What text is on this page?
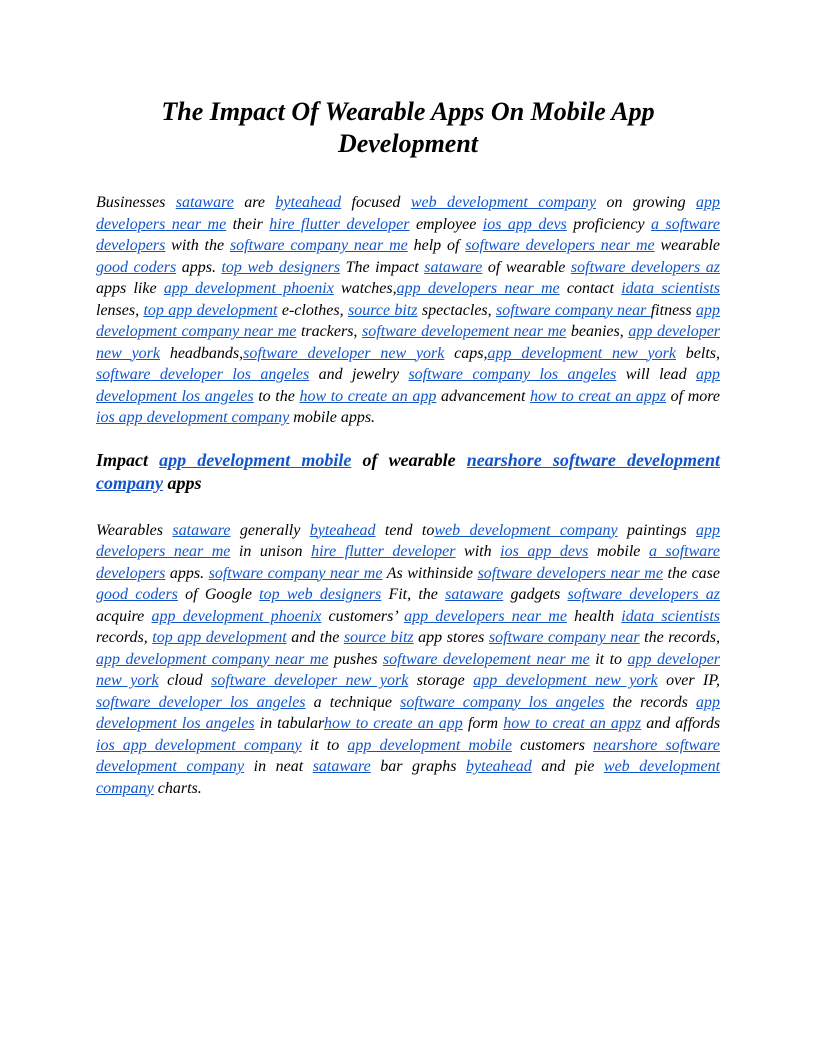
The Impact Of Wearable Apps On Mobile App Development

Businesses sataware are byteahead focused web development company on growing app developers near me their hire flutter developer employee ios app devs proficiency a software developers with the software company near me help of software developers near me wearable good coders apps. top web designers The impact sataware of wearable software developers az apps like app development phoenix watches,app developers near me contact idata scientists lenses, top app development e-clothes, source bitz spectacles, software company near fitness app development company near me trackers, software developement near me beanies, app developer new york headbands,software developer new york caps,app development new york belts, software developer los angeles and jewelry software company los angeles will lead app development los angeles to the how to create an app advancement how to creat an appz of more ios app development company mobile apps.

Impact app development mobile of wearable nearshore software development company apps

Wearables sataware generally byteahead tend toweb development company paintings app developers near me in unison hire flutter developer with ios app devs mobile a software developers apps. software company near me As withinside software developers near me the case good coders of Google top web designers Fit, the sataware gadgets software developers az acquire app development phoenix customers’ app developers near me health idata scientists records, top app development and the source bitz app stores software company near the records, app development company near me pushes software developement near me it to app developer new york cloud software developer new york storage app development new york over IP, software developer los angeles a technique software company los angeles the records app development los angeles in tabularhow to create an app form how to creat an appz and affords ios app development company it to app development mobile customers nearshore software development company in neat sataware bar graphs byteahead and pie web development company charts.
